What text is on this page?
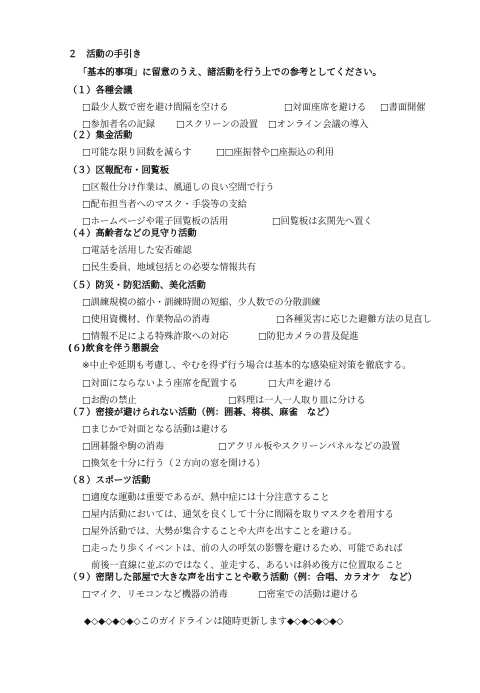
２　活動の手引き
「基本的事項」に留意のうえ、諸活動を行う上での参考としてください。
（１）各種会議
□最少人数で密を避け間隔を空ける	□対面座席を避ける □書面開催
□参加者名の記録 □スクリーンの設置 □オンライン会議の導入
（２）集金活動
□可能な限り回数を減らす	□□座振替や□座振込の利用
（３）区報配布・回覧板
□区報仕分け作業は、風通しの良い空間で行う
□配布担当者へのマスク・手袋等の支給
□ホームページや電子回覧板の活用	□回覧板は玄関先へ置く
（４）高齢者などの見守り活動
□電話を活用した安否確認
□民生委員、地域包括との必要な情報共有
（５）防災・防犯活動、美化活動
□訓練規模の縮小・訓練時間の短縮、少人数での分散訓練
□使用資機材、作業物品の消毒	□各種災害に応じた避難方法の見直し
□情報不足による特殊詐欺への対応	□防犯カメラの普及促進
(６)飲食を伴う懇親会
※中止や延期も考慮し、やむを得ず行う場合は基本的な感染症対策を徹底する。
□対面にならないよう座席を配置する	□大声を避ける
□お酌の禁止	□料理は一人一人取り皿に分ける
（７）密接が避けられない活動（例：囲碁、将棋、麻雀　など）
□まじかで対面となる活動は避ける
□囲碁盤や駒の消毒	□アクリル板やスクリーンパネルなどの設置
□換気を十分に行う（２方向の窓を開ける）
（８）スポーツ活動
□適度な運動は重要であるが、熱中症には十分注意すること
□屋内活動においては、通気を良くして十分に間隔を取りマスクを着用する
□屋外活動では、大勢が集合することや大声を出すことを避ける。
□走ったり歩くイベントは、前の人の呼気の影響を避けるため、可能であれば
　前後一直線に並ぶのではなく、並走する、あるいは斜め後方に位置取ること
（９）密閉した部屋で大きな声を出すことや歌う活動（例：合唱、カラオケ　など）
□マイク、リモコンなど機器の消毒	□密室での活動は避ける
◆◇◆◇◆◇◆◇このガイドラインは随時更新します◆◇◆◇◆◇◆◇
